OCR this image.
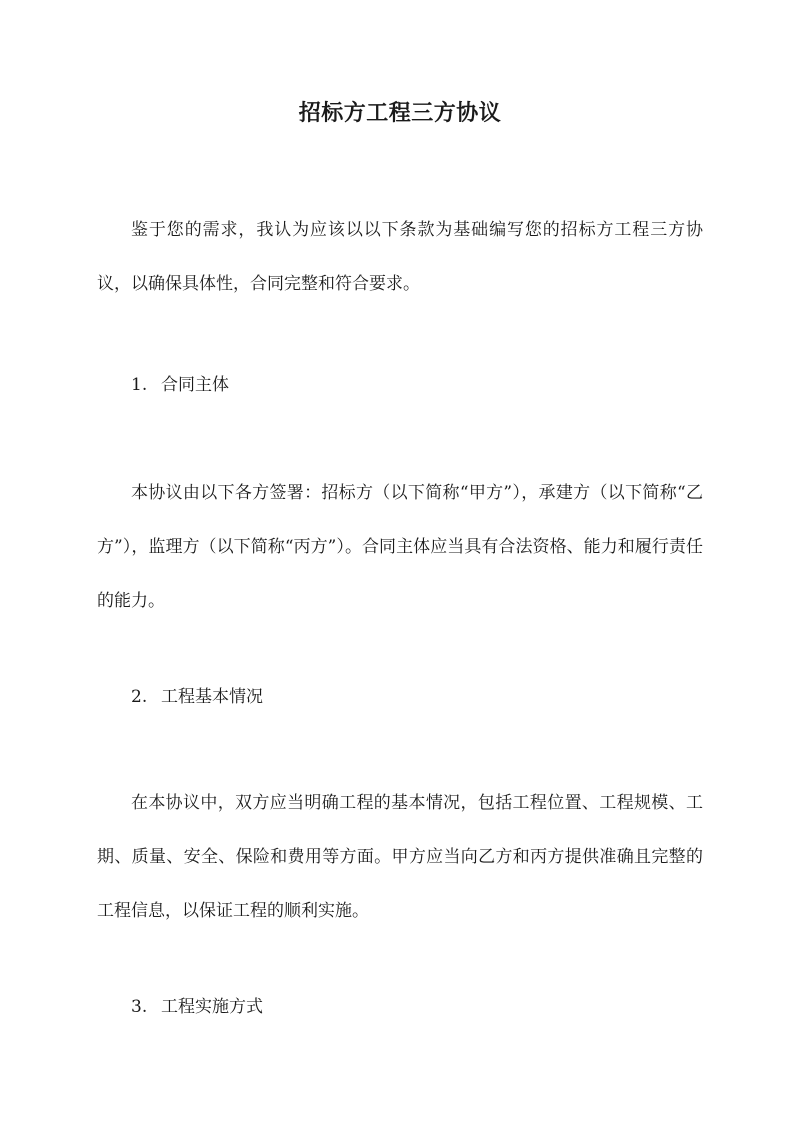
招标方工程三方协议

鉴于您的需求，我认为应该以以下条款为基础编写您的招标方工程三方协议，以确保具体性，合同完整和符合要求。

1. 合同主体

本协议由以下各方签署：招标方（以下简称“甲方”），承建方（以下简称“乙方”），监理方（以下简称“丙方”）。合同主体应当具有合法资格、能力和履行责任的能力。

2. 工程基本情况

在本协议中，双方应当明确工程的基本情况，包括工程位置、工程规模、工期、质量、安全、保险和费用等方面。甲方应当向乙方和丙方提供准确且完整的工程信息，以保证工程的顺利实施。

3. 工程实施方式
